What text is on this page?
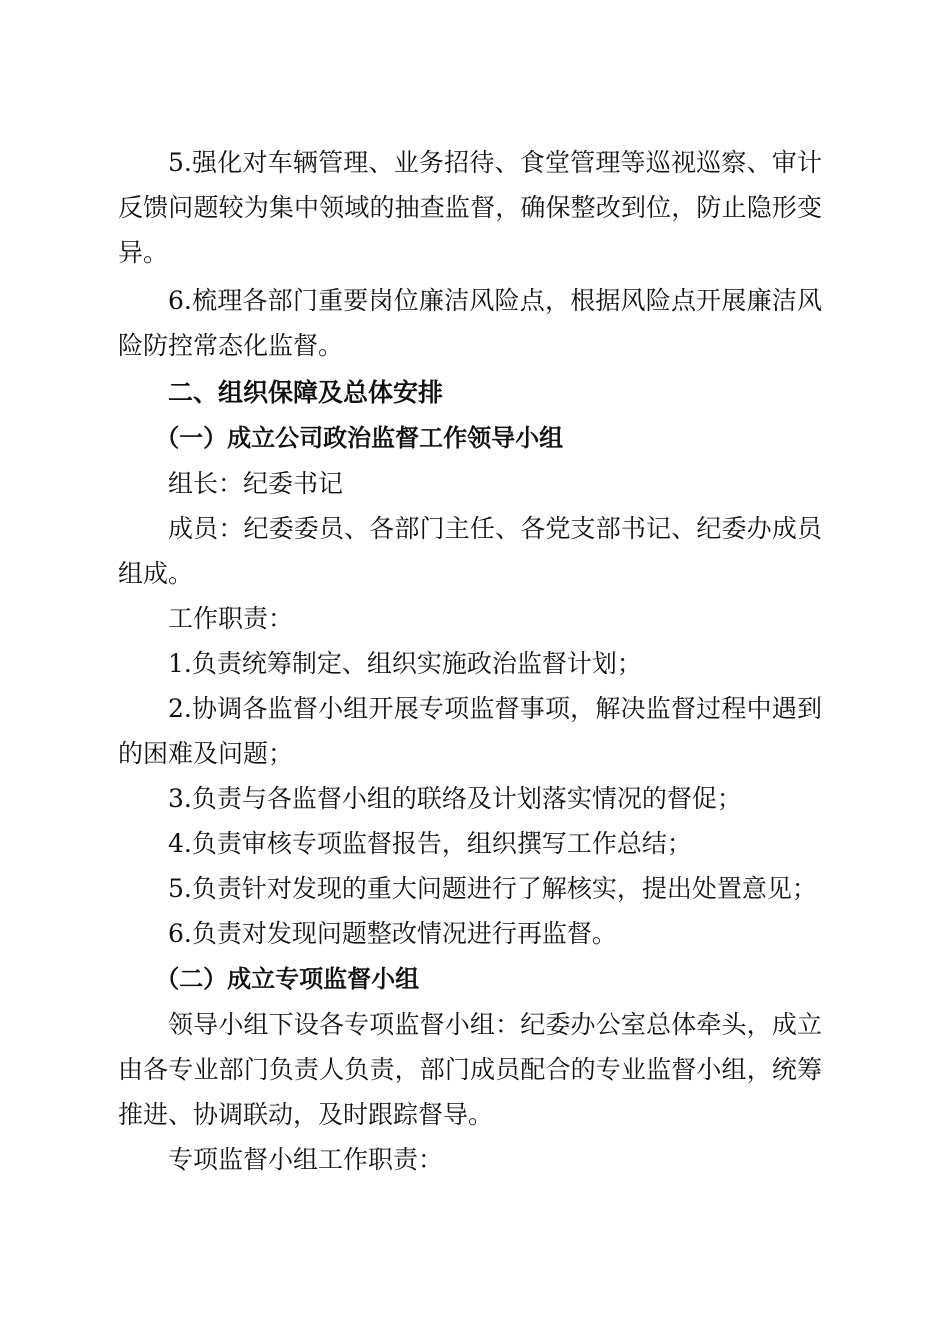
5.强化对车辆管理、业务招待、食堂管理等巡视巡察、审计反馈问题较为集中领域的抽查监督，确保整改到位，防止隐形变异。

6.梳理各部门重要岗位廉洁风险点，根据风险点开展廉洁风险防控常态化监督。

二、组织保障及总体安排

（一）成立公司政治监督工作领导小组

组长：纪委书记

成员：纪委委员、各部门主任、各党支部书记、纪委办成员组成。

工作职责：

1.负责统筹制定、组织实施政治监督计划；

2.协调各监督小组开展专项监督事项，解决监督过程中遇到的困难及问题；

3.负责与各监督小组的联络及计划落实情况的督促；

4.负责审核专项监督报告，组织撰写工作总结；

5.负责针对发现的重大问题进行了解核实，提出处置意见；

6.负责对发现问题整改情况进行再监督。

（二）成立专项监督小组

领导小组下设各专项监督小组：纪委办公室总体牵头，成立由各专业部门负责人负责，部门成员配合的专业监督小组，统筹推进、协调联动，及时跟踪督导。

专项监督小组工作职责：
